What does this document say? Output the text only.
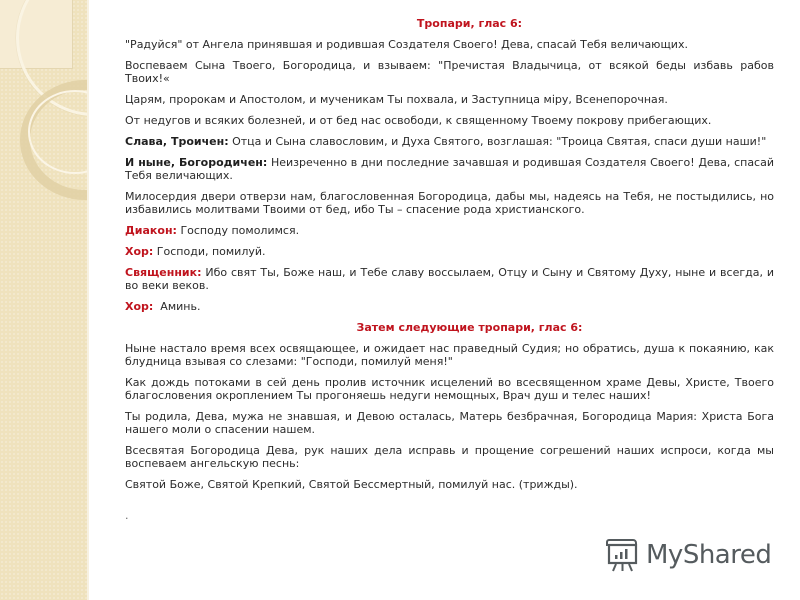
Тропари, глас 6:

"Радуйся" от Ангела принявшая и родившая Создателя Своего! Дева, спасай Тебя величающих.

Воспеваем Сына Твоего, Богородица, и взываем: "Пречистая Владычица, от всякой беды избавь рабов Твоих!«

Царям, пророкам и Апостолом, и мученикам Ты похвала, и Заступница міру, Всенепорочная.

От недугов и всяких болезней, и от бед нас освободи, к священному Твоему покрову прибегающих.

Слава, Троичен: Отца и Сына славословим, и Духа Святого, возглашая: "Троица Святая, спаси души наши!"

И ныне, Богородичен: Неизреченно в дни последние зачавшая и родившая Создателя Своего! Дева, спасай Тебя величающих.

Милосердия двери отверзи нам, благословенная Богородица, дабы мы, надеясь на Тебя, не постыдились, но избавились молитвами Твоими от бед, ибо Ты – спасение рода христианского.

Диакон: Господу помолимся.

Хор: Господи, помилуй.

Священник: Ибо свят Ты, Боже наш, и Тебе славу воссылаем, Отцу и Сыну и Святому Духу, ныне и всегда, и во веки веков.

Хор:  Аминь.

Затем следующие тропари, глас 6:

Ныне настало время всех освящающее, и ожидает нас праведный Судия; но обратись, душа к покаянию, как блудница взывая со слезами: "Господи, помилуй меня!"

Как дождь потоками в сей день пролив источник исцелений во всесвященном храме Девы, Христе, Твоего благословения окроплением Ты прогоняешь недуги немощных, Врач душ и телес наших!

Ты родила, Дева, мужа не знавшая, и Девою осталась, Матерь безбрачная, Богородица Мария: Христа Бога нашего моли о спасении нашем.

Всесвятая Богородица Дева, рук наших дела исправь и прощение согрешений наших испроси, когда мы воспеваем ангельскую песнь:

Святой Боже, Святой Крепкий, Святой Бессмертный, помилуй нас. (трижды).

.
MyShared
